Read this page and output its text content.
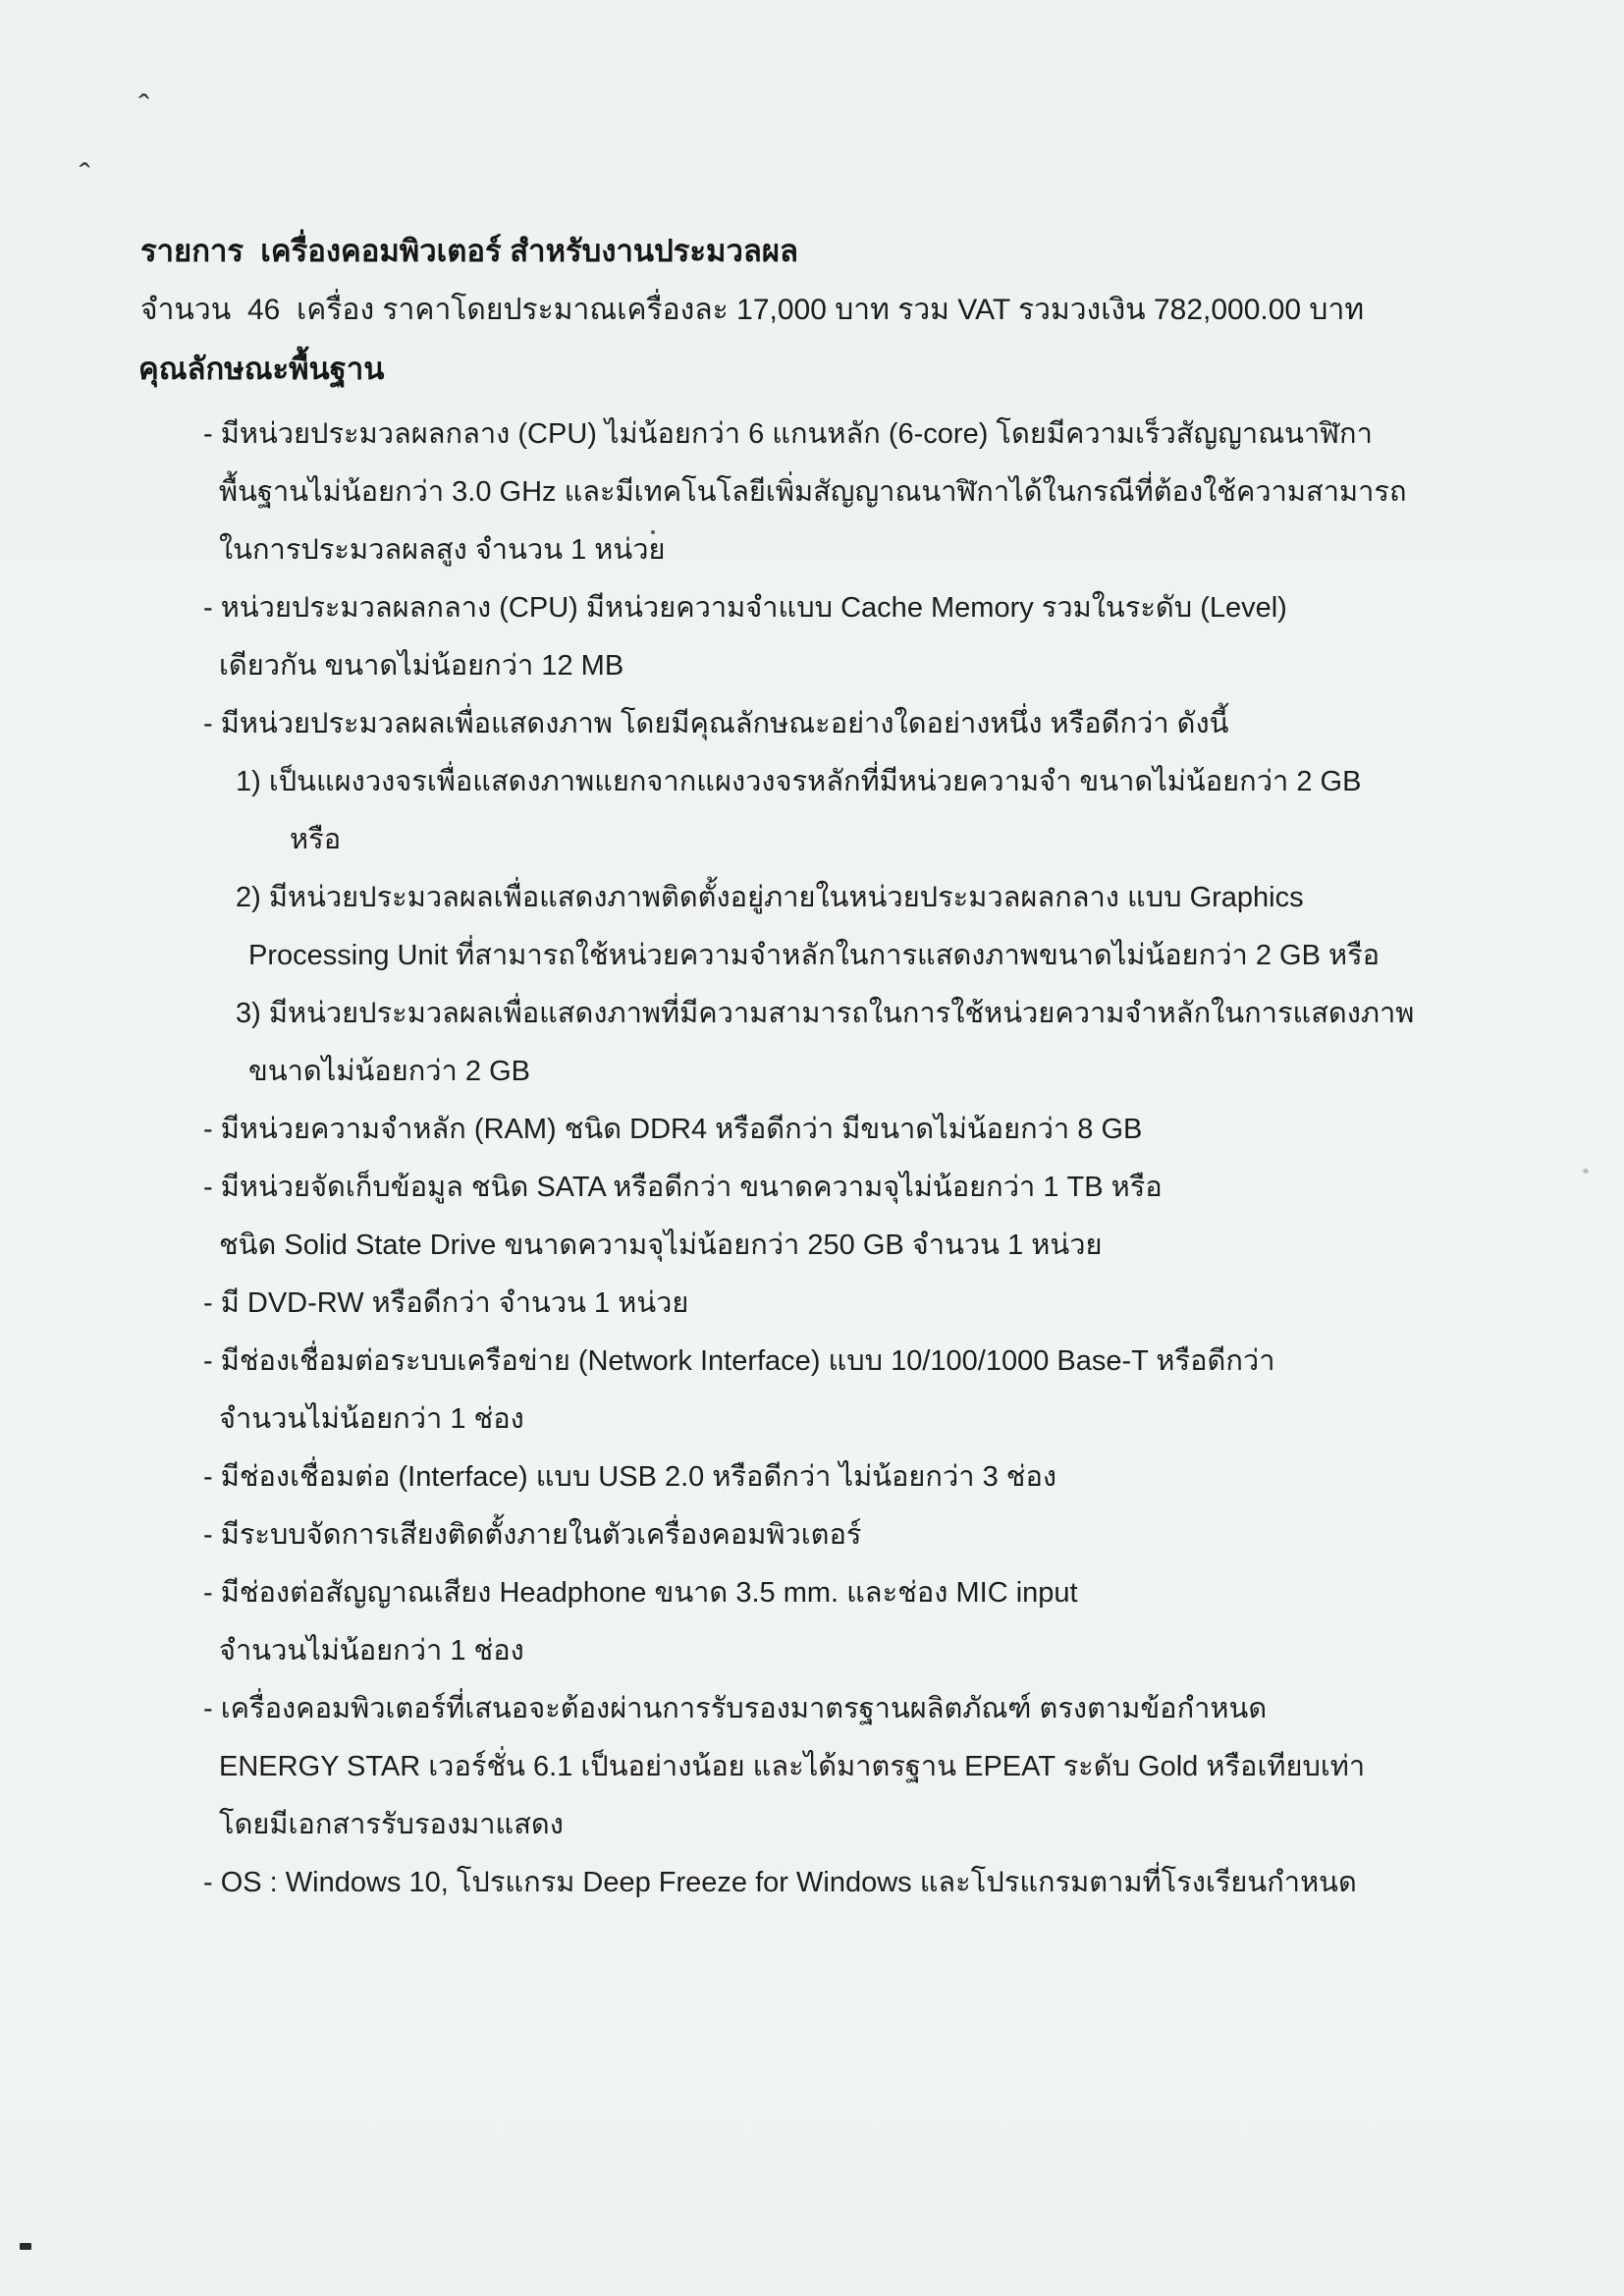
รายการ  เครื่องคอมพิวเตอร์ สำหรับงานประมวลผล
จำนวน  46  เครื่อง ราคาโดยประมาณเครื่องละ 17,000 บาท รวม VAT รวมวงเงิน 782,000.00 บาท
คุณลักษณะพื้นฐาน
- มีหน่วยประมวลผลกลาง (CPU) ไม่น้อยกว่า 6 แกนหลัก (6-core) โดยมีความเร็วสัญญาณนาฬิกา
พื้นฐานไม่น้อยกว่า 3.0 GHz และมีเทคโนโลยีเพิ่มสัญญาณนาฬิกาได้ในกรณีที่ต้องใช้ความสามารถ
ในการประมวลผลสูง จำนวน 1 หน่วย
- หน่วยประมวลผลกลาง (CPU) มีหน่วยความจำแบบ Cache Memory รวมในระดับ (Level)
เดียวกัน ขนาดไม่น้อยกว่า 12 MB
- มีหน่วยประมวลผลเพื่อแสดงภาพ โดยมีคุณลักษณะอย่างใดอย่างหนึ่ง หรือดีกว่า ดังนี้
1) เป็นแผงวงจรเพื่อแสดงภาพแยกจากแผงวงจรหลักที่มีหน่วยความจำ ขนาดไม่น้อยกว่า 2 GB
หรือ
2) มีหน่วยประมวลผลเพื่อแสดงภาพติดตั้งอยู่ภายในหน่วยประมวลผลกลาง แบบ Graphics
Processing Unit ที่สามารถใช้หน่วยความจำหลักในการแสดงภาพขนาดไม่น้อยกว่า 2 GB หรือ
3) มีหน่วยประมวลผลเพื่อแสดงภาพที่มีความสามารถในการใช้หน่วยความจำหลักในการแสดงภาพ
ขนาดไม่น้อยกว่า 2 GB
- มีหน่วยความจำหลัก (RAM) ชนิด DDR4 หรือดีกว่า มีขนาดไม่น้อยกว่า 8 GB
- มีหน่วยจัดเก็บข้อมูล ชนิด SATA หรือดีกว่า ขนาดความจุไม่น้อยกว่า 1 TB หรือ
ชนิด Solid State Drive ขนาดความจุไม่น้อยกว่า 250 GB จำนวน 1 หน่วย
- มี DVD-RW หรือดีกว่า จำนวน 1 หน่วย
- มีช่องเชื่อมต่อระบบเครือข่าย (Network Interface) แบบ 10/100/1000 Base-T หรือดีกว่า
จำนวนไม่น้อยกว่า 1 ช่อง
- มีช่องเชื่อมต่อ (Interface) แบบ USB 2.0 หรือดีกว่า ไม่น้อยกว่า 3 ช่อง
- มีระบบจัดการเสียงติดตั้งภายในตัวเครื่องคอมพิวเตอร์
- มีช่องต่อสัญญาณเสียง Headphone ขนาด 3.5 mm. และช่อง MIC input
จำนวนไม่น้อยกว่า 1 ช่อง
- เครื่องคอมพิวเตอร์ที่เสนอจะต้องผ่านการรับรองมาตรฐานผลิตภัณฑ์ ตรงตามข้อกำหนด
ENERGY STAR เวอร์ชั่น 6.1 เป็นอย่างน้อย และได้มาตรฐาน EPEAT ระดับ Gold หรือเทียบเท่า
โดยมีเอกสารรับรองมาแสดง
- OS : Windows 10, โปรแกรม Deep Freeze for Windows และโปรแกรมตามที่โรงเรียนกำหนด
ˆ
ˆ
